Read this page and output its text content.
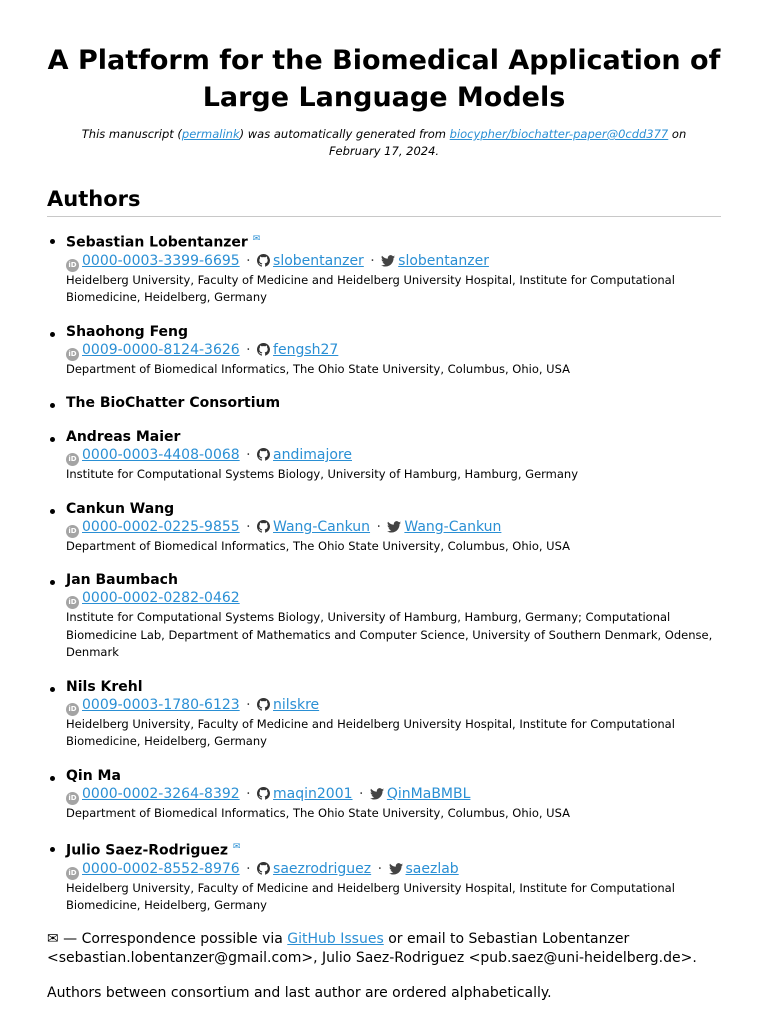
A Platform for the Biomedical Application of Large Language Models

This manuscript (permalink) was automatically generated from biocypher/biochatter-paper@0cdd377 on February 17, 2024.

Authors
Sebastian Lobentanzer ✉
iD 0000-0003-3399-6695 · slobentanzer · slobentanzer
Heidelberg University, Faculty of Medicine and Heidelberg University Hospital, Institute for Computational Biomedicine, Heidelberg, Germany
Shaohong Feng
iD 0009-0000-8124-3626 · fengsh27
Department of Biomedical Informatics, The Ohio State University, Columbus, Ohio, USA
The BioChatter Consortium
Andreas Maier
iD 0000-0003-4408-0068 · andimajore
Institute for Computational Systems Biology, University of Hamburg, Hamburg, Germany
Cankun Wang
iD 0000-0002-0225-9855 · Wang-Cankun · Wang-Cankun
Department of Biomedical Informatics, The Ohio State University, Columbus, Ohio, USA
Jan Baumbach
iD 0000-0002-0282-0462
Institute for Computational Systems Biology, University of Hamburg, Hamburg, Germany; Computational Biomedicine Lab, Department of Mathematics and Computer Science, University of Southern Denmark, Odense, Denmark
Nils Krehl
iD 0009-0003-1780-6123 · nilskre
Heidelberg University, Faculty of Medicine and Heidelberg University Hospital, Institute for Computational Biomedicine, Heidelberg, Germany
Qin Ma
iD 0000-0002-3264-8392 · maqin2001 · QinMaBMBL
Department of Biomedical Informatics, The Ohio State University, Columbus, Ohio, USA
Julio Saez-Rodriguez ✉
iD 0000-0002-8552-8976 · saezrodriguez · saezlab
Heidelberg University, Faculty of Medicine and Heidelberg University Hospital, Institute for Computational Biomedicine, Heidelberg, Germany

✉ — Correspondence possible via GitHub Issues or email to Sebastian Lobentanzer <sebastian.lobentanzer@gmail.com>, Julio Saez-Rodriguez <pub.saez@uni-heidelberg.de>.

Authors between consortium and last author are ordered alphabetically.
